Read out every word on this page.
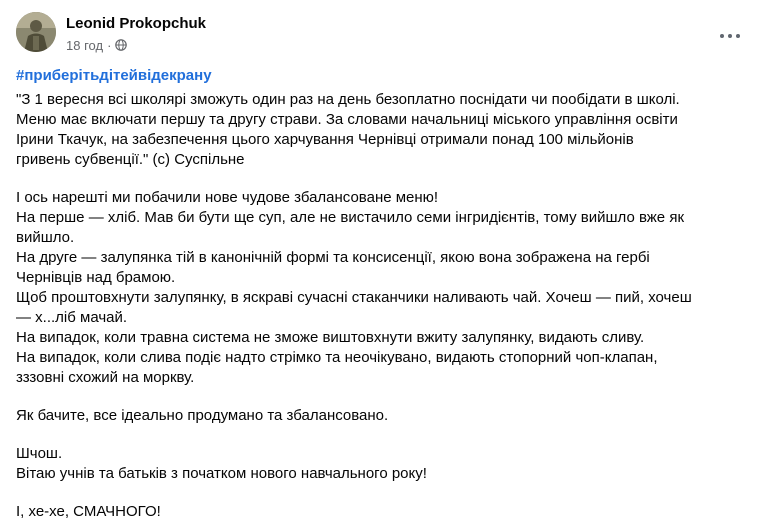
Leonid Prokopchuk
18 год ·
#приберітьдітейвідекрану

"З 1 вересня всі школярі зможуть один раз на день безоплатно поснідати чи пообідати в школі.
Меню має включати першу та другу страви. За словами начальниці міського управління освіти
Ірини Ткачук, на забезпечення цього харчування Чернівці отримали понад 100 мільйонів
гривень субвенції." (c) Суспільне

І ось нарешті ми побачили нове чудове збалансоване меню!
На перше — хліб. Мав би бути ще суп, але не вистачило семи інгридієнтів, тому вийшло вже як
вийшло.
На друге — залупянка тій в канонічній формі та консисенції, якою вона зображена на гербі
Чернівців над брамою.
Щоб проштовхнути залупянку, в яскраві сучасні стаканчики наливають чай. Хочеш — пий, хочеш
— х...ліб мачай.
На випадок, коли травна система не зможе виштовхнути вжиту залупянку, видають сливу.
На випадок, коли слива подіє надто стрімко та неочікувано, видають стопорний чоп-клапан,
зззовні схожий на моркву.

Як бачите, все ідеально продумано та збалансовано.

Шчош.
Вітаю учнів та батьків з початком нового навчального року!

І, хе-хе, СМАЧНОГО!
